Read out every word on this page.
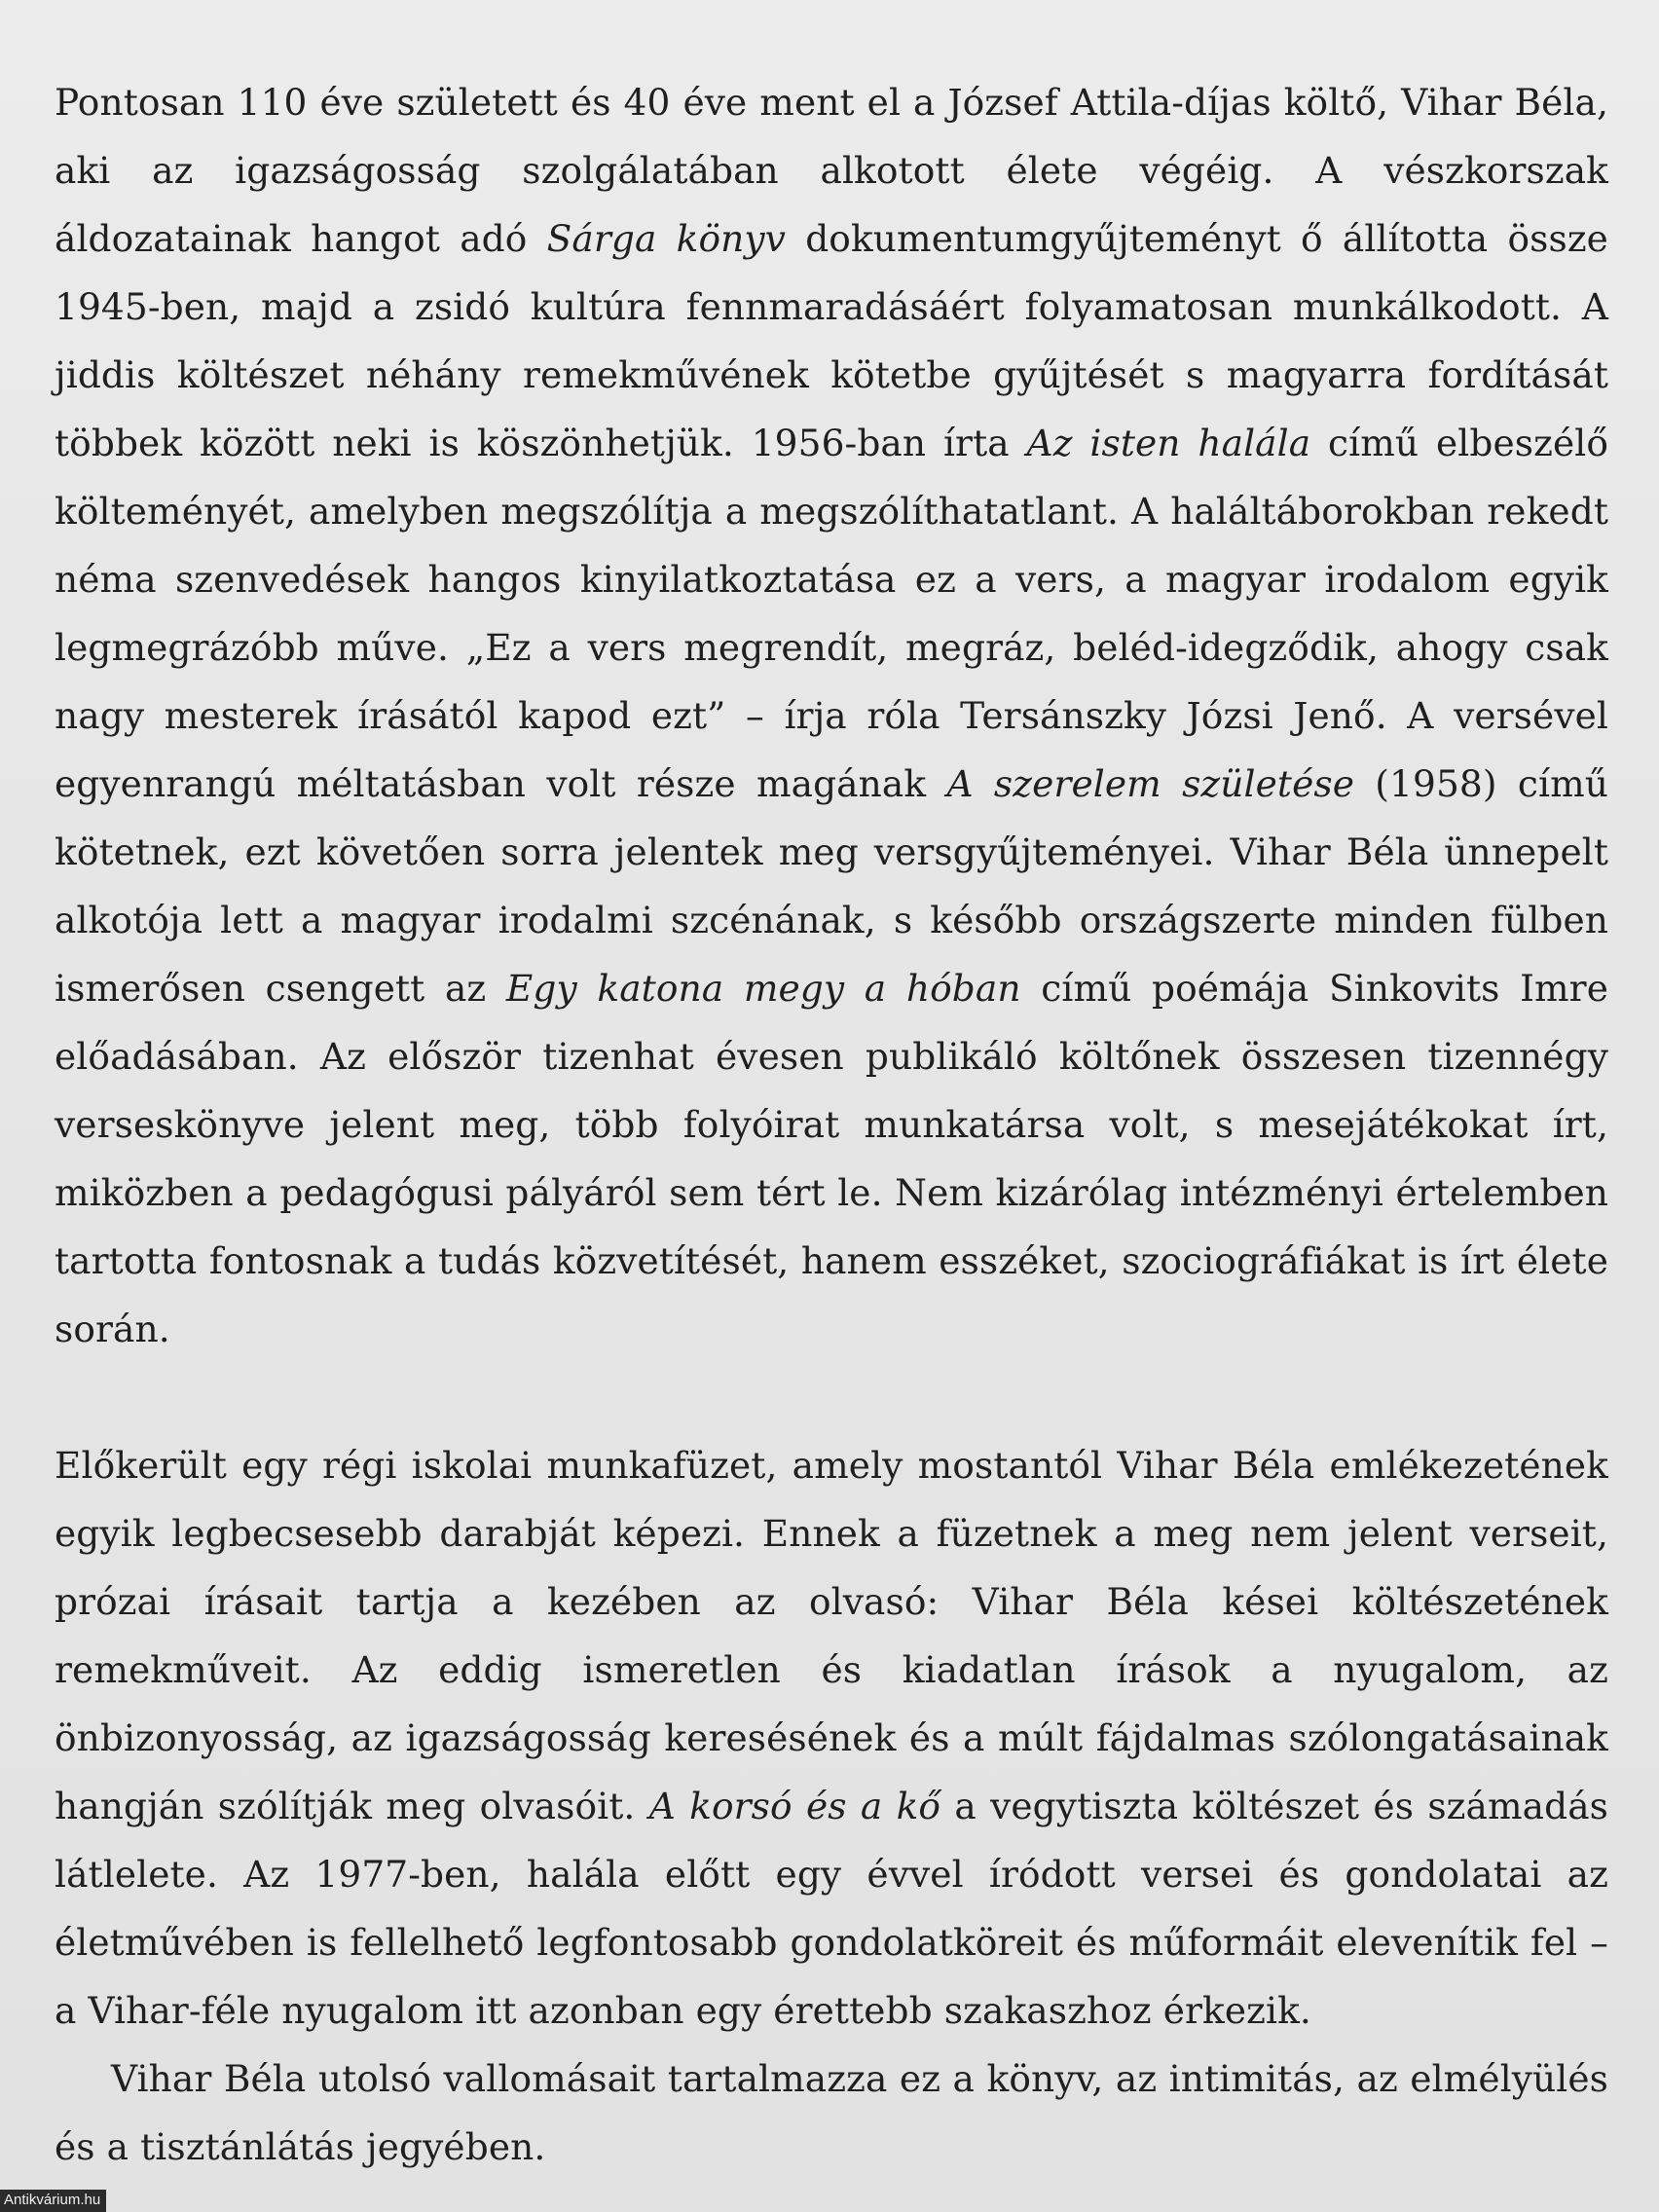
Pontosan 110 éve született és 40 éve ment el a József Attila-díjas költő, Vihar Béla, aki az igazságosság szolgálatában alkotott élete végéig. A vészkorszak áldozatainak hangot adó Sárga könyv dokumentumgyűjteményt ő állította össze 1945-ben, majd a zsidó kultúra fennmaradásáért folyamatosan munkálkodott. A jiddis költészet néhány remekművének kötetbe gyűjtését s magyarra fordítását többek között neki is köszönhetjük. 1956-ban írta Az isten halála című elbeszélő költeményét, amelyben megszólítja a megszólíthatatlant. A haláltáborokban rekedt néma szenvedések hangos kinyilatkoztatása ez a vers, a magyar irodalom egyik legmegrázóbb műve. „Ez a vers megrendít, megráz, beléd-idegződik, ahogy csak nagy mesterek írásától kapod ezt” – írja róla Tersánszky Józsi Jenő. A versével egyenrangú méltatásban volt része magának A szerelem születése (1958) című kötetnek, ezt követően sorra jelentek meg versgyűjteményei. Vihar Béla ünnepelt alkotója lett a magyar irodalmi szcénának, s később országszerte minden fülben ismerősen csengett az Egy katona megy a hóban című poémája Sinkovits Imre előadásában. Az először tizenhat évesen publikáló költőnek összesen tizennégy verseskönyve jelent meg, több folyóirat munkatársa volt, s mesejátékokat írt, miközben a pedagógusi pályáról sem tért le. Nem kizárólag intézményi értelemben tartotta fontosnak a tudás közvetítését, hanem esszéket, szociográfiákat is írt élete során.

Előkerült egy régi iskolai munkafüzet, amely mostantól Vihar Béla emlékezetének egyik legbecsesebb darabját képezi. Ennek a füzetnek a meg nem jelent verseit, prózai írásait tartja a kezében az olvasó: Vihar Béla kései költészetének remekműveit. Az eddig ismeretlen és kiadatlan írások a nyugalom, az önbizonyosság, az igazságosság keresésének és a múlt fájdalmas szólongatásainak hangján szólítják meg olvasóit. A korsó és a kő a vegytiszta költészet és számadás látlelete. Az 1977-ben, halála előtt egy évvel íródott versei és gondolatai az életművében is fellelhető legfontosabb gondolatköreit és műformáit elevenítik fel – a Vihar-féle nyugalom itt azonban egy érettebb szakaszhoz érkezik.

Vihar Béla utolsó vallomásait tartalmazza ez a könyv, az intimitás, az elmélyülés és a tisztánlátás jegyében.

Antikvárium.hu
